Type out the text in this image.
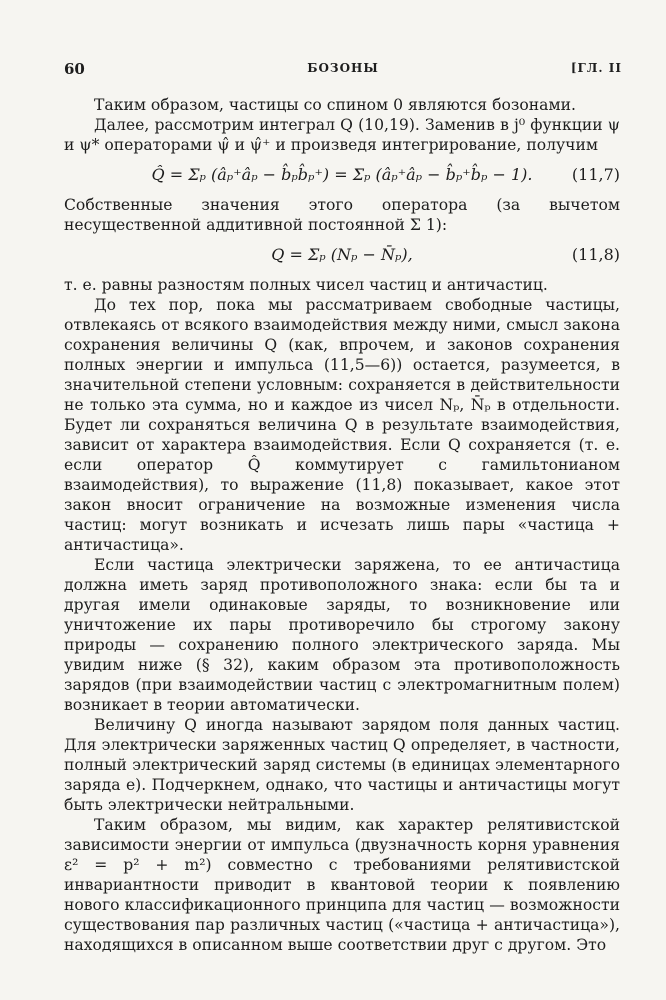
60	БОЗОНЫ	[ГЛ. II

Таким образом, частицы со спином 0 являются бозонами.

Далее, рассмотрим интеграл Q (10,19). Заменив в j⁰ функции ψ и ψ* операторами ψ̂ и ψ̂⁺ и произведя интегрирование, получим

Q̂ = Σₚ (âₚ⁺âₚ − b̂ₚb̂ₚ⁺) = Σₚ (âₚ⁺âₚ − b̂ₚ⁺b̂ₚ − 1). (11,7)

Собственные значения этого оператора (за вычетом несущественной аддитивной постоянной Σ 1):

Q = Σₚ (Nₚ − N̄ₚ),	(11,8)

т. е. равны разностям полных чисел частиц и античастиц.

До тех пор, пока мы рассматриваем свободные частицы, отвлекаясь от всякого взаимодействия между ними, смысл закона сохранения величины Q (как, впрочем, и законов сохранения полных энергии и импульса (11,5—6)) остается, разумеется, в значительной степени условным: сохраняется в действительности не только эта сумма, но и каждое из чисел Nₚ, N̄ₚ в отдельности. Будет ли сохраняться величина Q в результате взаимодействия, зависит от характера взаимодействия. Если Q сохраняется (т. е. если оператор Q̂ коммутирует с гамильтонианом взаимодействия), то выражение (11,8) показывает, какое этот закон вносит ограничение на возможные изменения числа частиц: могут возникать и исчезать лишь пары «частица + античастица».

Если частица электрически заряжена, то ее античастица должна иметь заряд противоположного знака: если бы та и другая имели одинаковые заряды, то возникновение или уничтожение их пары противоречило бы строгому закону природы — сохранению полного электрического заряда. Мы увидим ниже (§ 32), каким образом эта противоположность зарядов (при взаимодействии частиц с электромагнитным полем) возникает в теории автоматически.

Величину Q иногда называют зарядом поля данных частиц. Для электрически заряженных частиц Q определяет, в частности, полный электрический заряд системы (в единицах элементарного заряда e). Подчеркнем, однако, что частицы и античастицы могут быть электрически нейтральными.

Таким образом, мы видим, как характер релятивистской зависимости энергии от импульса (двузначность корня уравнения ε² = p² + m²) совместно с требованиями релятивистской инвариантности приводит в квантовой теории к появлению нового классификационного принципа для частиц — возможности существования пар различных частиц («частица + античастица»), находящихся в описанном выше соответствии друг с другом. Это
